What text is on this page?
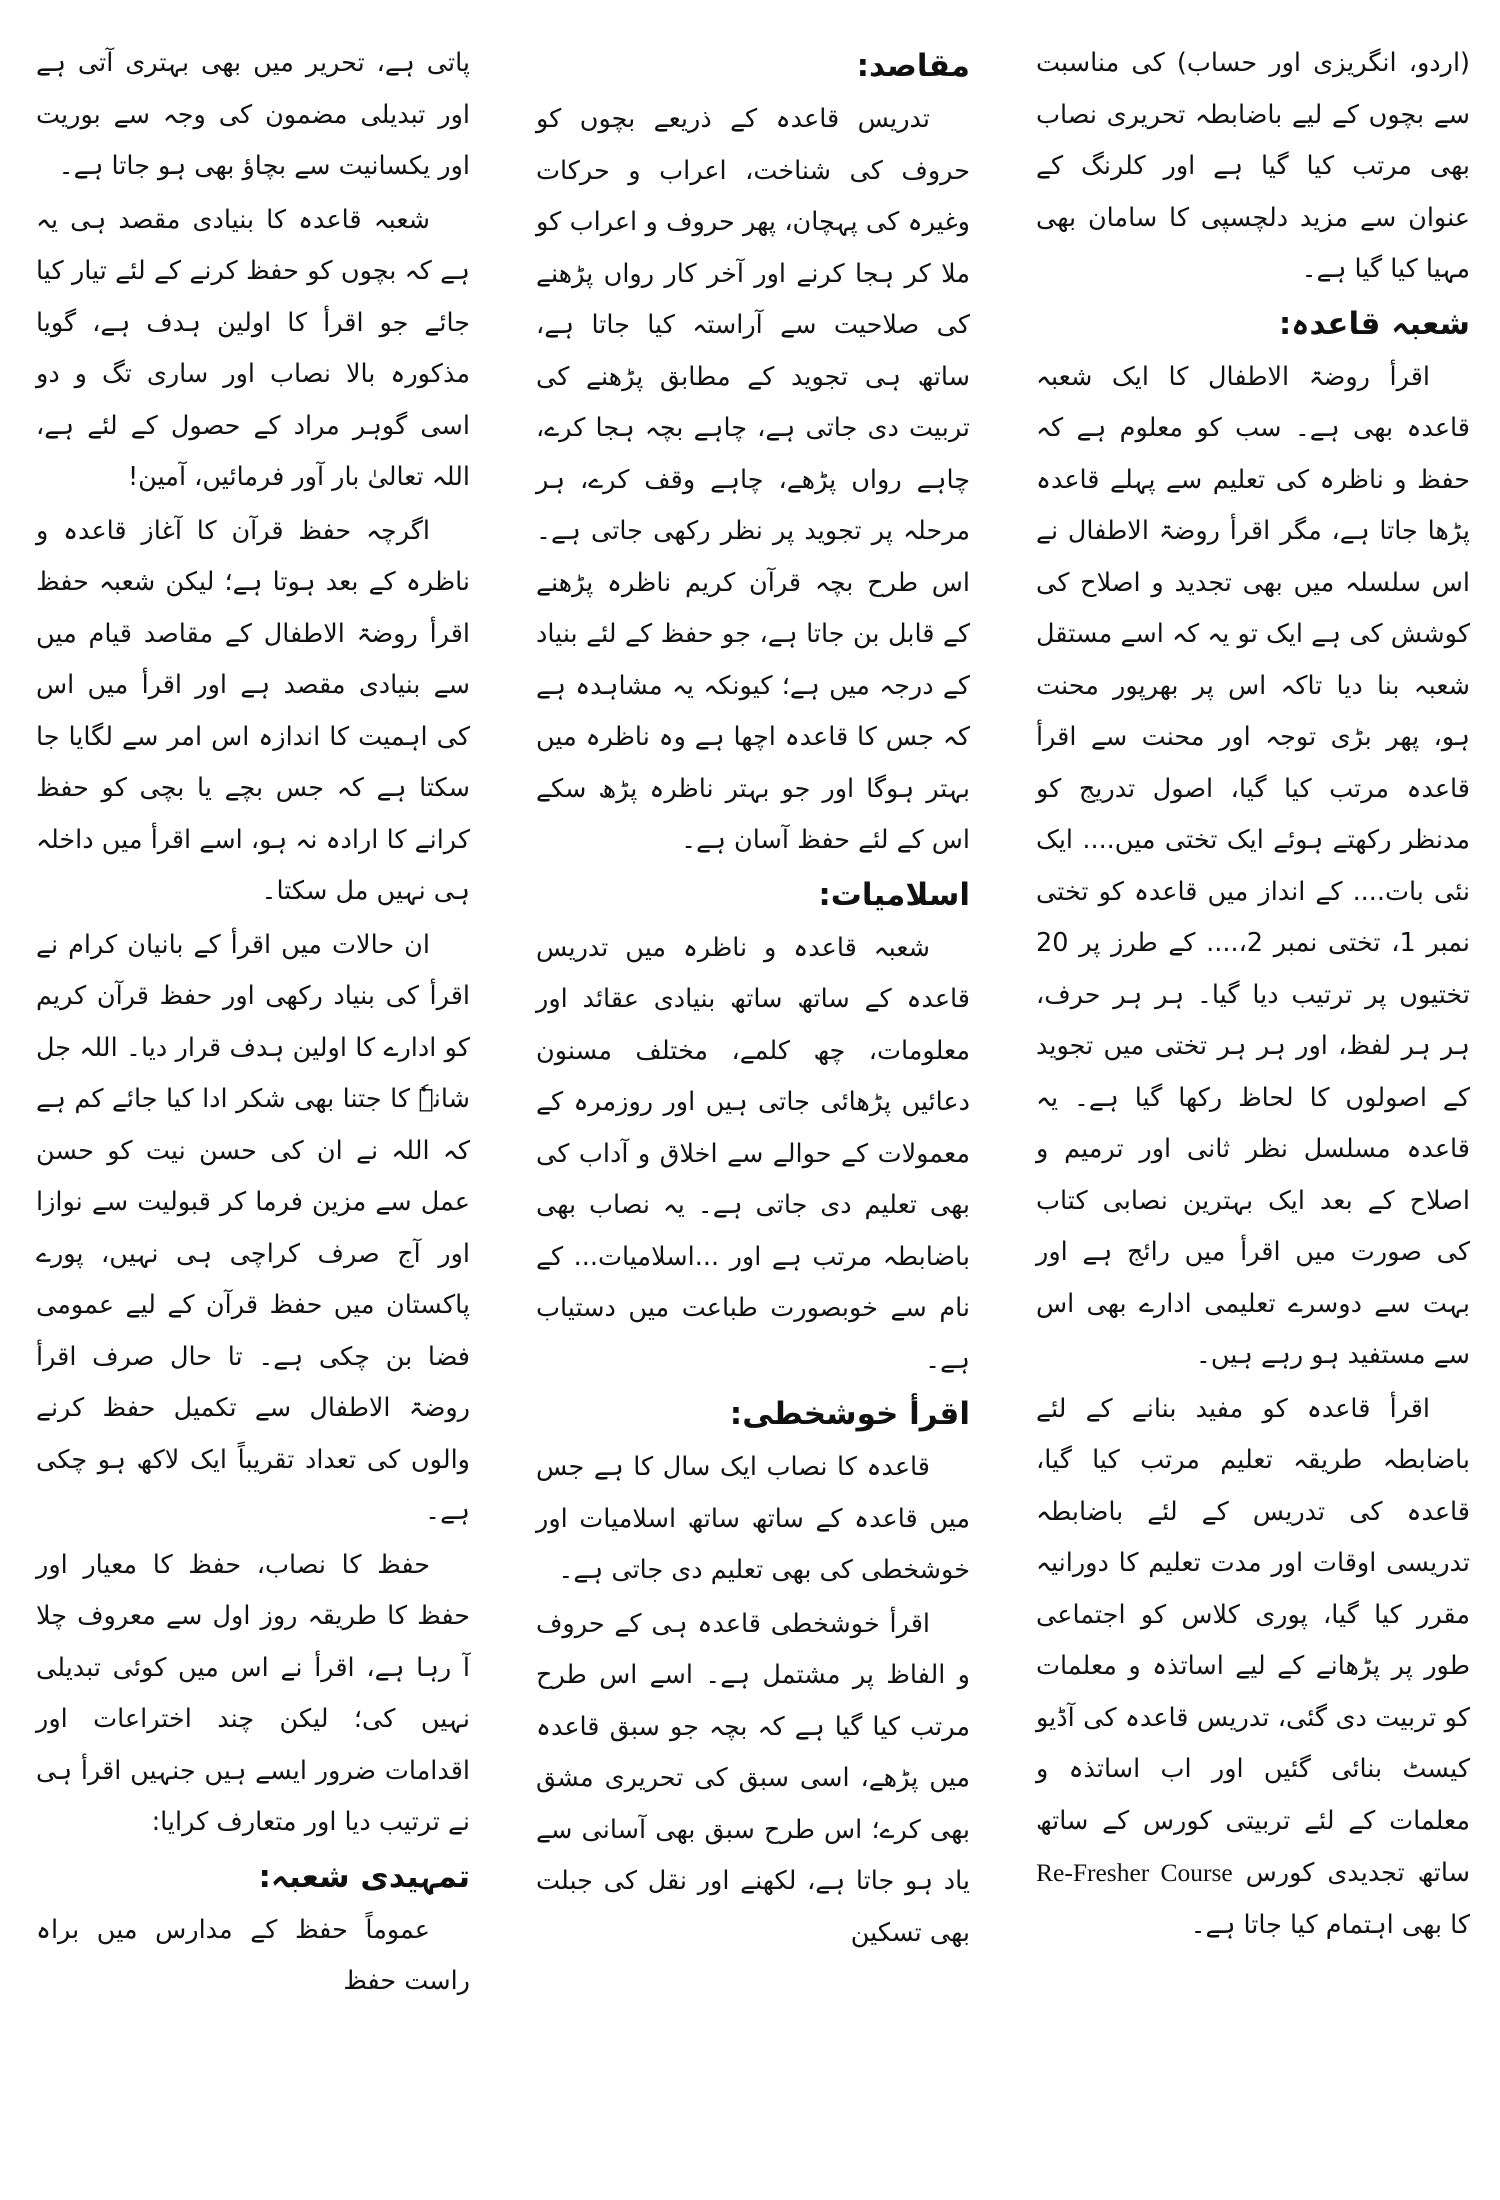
(اردو، انگریزی اور حساب) کی مناسبت سے بچوں کے لیے باضابطہ تحریری نصاب بھی مرتب کیا گیا ہے اور کلرنگ کے عنوان سے مزید دلچسپی کا سامان بھی مہیا کیا گیا ہے۔

شعبہ قاعدہ:

اقرأ روضۃ الاطفال کا ایک شعبہ قاعدہ بھی ہے۔ سب کو معلوم ہے کہ حفظ و ناظرہ کی تعلیم سے پہلے قاعدہ پڑھا جاتا ہے، مگر اقرأ روضۃ الاطفال نے اس سلسلہ میں بھی تجدید و اصلاح کی کوشش کی ہے ایک تو یہ کہ اسے مستقل شعبہ بنا دیا تاکہ اس پر بھرپور محنت ہو، پھر بڑی توجہ اور محنت سے اقرأ قاعدہ مرتب کیا گیا، اصول تدریج کو مدنظر رکھتے ہوئے ایک تختی میں.... ایک نئی بات.... کے انداز میں قاعدہ کو تختی نمبر 1، تختی نمبر 2،.... کے طرز پر 20 تختیوں پر ترتیب دیا گیا۔ ہر ہر حرف، ہر ہر لفظ، اور ہر ہر تختی میں تجوید کے اصولوں کا لحاظ رکھا گیا ہے۔ یہ قاعدہ مسلسل نظر ثانی اور ترمیم و اصلاح کے بعد ایک بہترین نصابی کتاب کی صورت میں اقرأ میں رائج ہے اور بہت سے دوسرے تعلیمی ادارے بھی اس سے مستفید ہو رہے ہیں۔

اقرأ قاعدہ کو مفید بنانے کے لئے باضابطہ طریقہ تعلیم مرتب کیا گیا، قاعدہ کی تدریس کے لئے باضابطہ تدریسی اوقات اور مدت تعلیم کا دورانیہ مقرر کیا گیا، پوری کلاس کو اجتماعی طور پر پڑھانے کے لیے اساتذہ و معلمات کو تربیت دی گئی، تدریس قاعدہ کی آڈیو کیسٹ بنائی گئیں اور اب اساتذہ و معلمات کے لئے تربیتی کورس کے ساتھ ساتھ تجدیدی کورس Re-Fresher Course کا بھی اہتمام کیا جاتا ہے۔

مقاصد:

تدریس قاعدہ کے ذریعے بچوں کو حروف کی شناخت، اعراب و حرکات وغیرہ کی پہچان، پھر حروف و اعراب کو ملا کر ہجا کرنے اور آخر کار رواں پڑھنے کی صلاحیت سے آراستہ کیا جاتا ہے، ساتھ ہی تجوید کے مطابق پڑھنے کی تربیت دی جاتی ہے، چاہے بچہ ہجا کرے، چاہے رواں پڑھے، چاہے وقف کرے، ہر مرحلہ پر تجوید پر نظر رکھی جاتی ہے۔ اس طرح بچہ قرآن کریم ناظرہ پڑھنے کے قابل بن جاتا ہے، جو حفظ کے لئے بنیاد کے درجہ میں ہے؛ کیونکہ یہ مشاہدہ ہے کہ جس کا قاعدہ اچھا ہے وہ ناظرہ میں بہتر ہوگا اور جو بہتر ناظرہ پڑھ سکے اس کے لئے حفظ آسان ہے۔

اسلامیات:

شعبہ قاعدہ و ناظرہ میں تدریس قاعدہ کے ساتھ ساتھ بنیادی عقائد اور معلومات، چھ کلمے، مختلف مسنون دعائیں پڑھائی جاتی ہیں اور روزمرہ کے معمولات کے حوالے سے اخلاق و آداب کی بھی تعلیم دی جاتی ہے۔ یہ نصاب بھی باضابطہ مرتب ہے اور ...اسلامیات... کے نام سے خوبصورت طباعت میں دستیاب ہے۔

اقرأ خوشخطی:

قاعدہ کا نصاب ایک سال کا ہے جس میں قاعدہ کے ساتھ ساتھ اسلامیات اور خوشخطی کی بھی تعلیم دی جاتی ہے۔

اقرأ خوشخطی قاعدہ ہی کے حروف و الفاظ پر مشتمل ہے۔ اسے اس طرح مرتب کیا گیا ہے کہ بچہ جو سبق قاعدہ میں پڑھے، اسی سبق کی تحریری مشق بھی کرے؛ اس طرح سبق بھی آسانی سے یاد ہو جاتا ہے، لکھنے اور نقل کی جبلت بھی تسکین

پاتی ہے، تحریر میں بھی بہتری آتی ہے اور تبدیلی مضمون کی وجہ سے بوریت اور یکسانیت سے بچاؤ بھی ہو جاتا ہے۔

شعبہ قاعدہ کا بنیادی مقصد ہی یہ ہے کہ بچوں کو حفظ کرنے کے لئے تیار کیا جائے جو اقرأ کا اولین ہدف ہے، گویا مذکورہ بالا نصاب اور ساری تگ و دو اسی گوہر مراد کے حصول کے لئے ہے، اللہ تعالیٰ بار آور فرمائیں، آمین!

اگرچہ حفظ قرآن کا آغاز قاعدہ و ناظرہ کے بعد ہوتا ہے؛ لیکن شعبہ حفظ اقرأ روضۃ الاطفال کے مقاصد قیام میں سے بنیادی مقصد ہے اور اقرأ میں اس کی اہمیت کا اندازہ اس امر سے لگایا جا سکتا ہے کہ جس بچے یا بچی کو حفظ کرانے کا ارادہ نہ ہو، اسے اقرأ میں داخلہ ہی نہیں مل سکتا۔

ان حالات میں اقرأ کے بانیان کرام نے اقرأ کی بنیاد رکھی اور حفظ قرآن کریم کو ادارے کا اولین ہدف قرار دیا۔ اللہ جل شانہٗ کا جتنا بھی شکر ادا کیا جائے کم ہے کہ اللہ نے ان کی حسن نیت کو حسن عمل سے مزین فرما کر قبولیت سے نوازا اور آج صرف کراچی ہی نہیں، پورے پاکستان میں حفظ قرآن کے لیے عمومی فضا بن چکی ہے۔ تا حال صرف اقرأ روضۃ الاطفال سے تکمیل حفظ کرنے والوں کی تعداد تقریباً ایک لاکھ ہو چکی ہے۔

حفظ کا نصاب، حفظ کا معیار اور حفظ کا طریقہ روز اول سے معروف چلا آ رہا ہے، اقرأ نے اس میں کوئی تبدیلی نہیں کی؛ لیکن چند اختراعات اور اقدامات ضرور ایسے ہیں جنہیں اقرأ ہی نے ترتیب دیا اور متعارف کرایا:

تمہیدی شعبہ:

عموماً حفظ کے مدارس میں براہ راست حفظ
